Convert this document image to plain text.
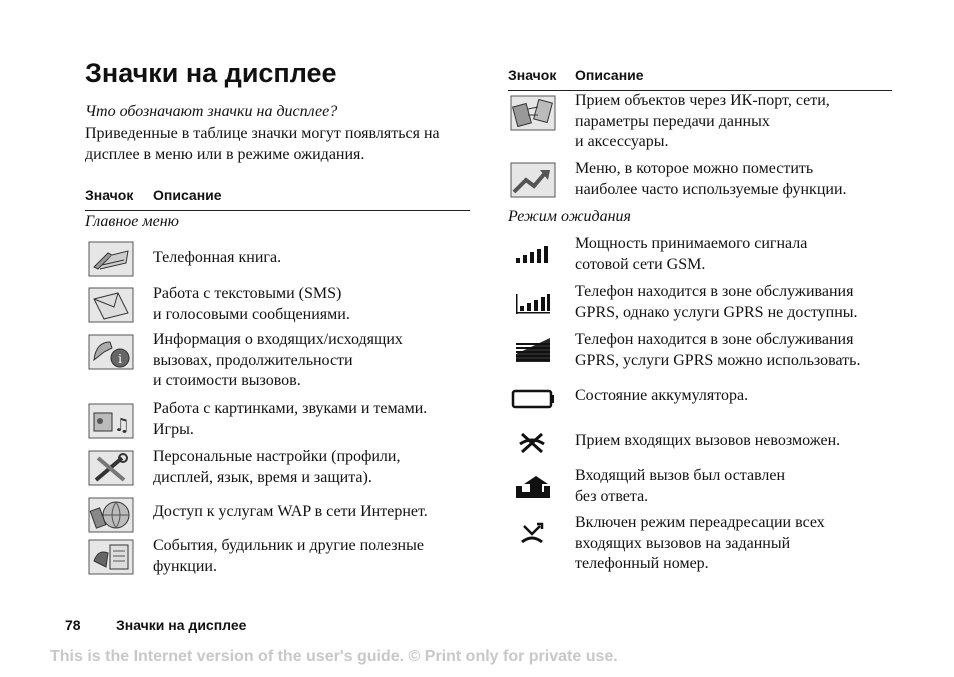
Значки на дисплее
Что обозначают значки на дисплее?
Приведенные в таблице значки могут появляться на дисплее в меню или в режиме ожидания.
Значок Описание
Главное меню
Телефонная книга.
Работа с текстовыми (SMS)
и голосовыми сообщениями.
i
Информация о входящих/исходящих
вызовах, продолжительности
и стоимости вызовов.
♫
Работа с картинками, звуками и темами.
Игры.
Персональные настройки (профили,
дисплей, язык, время и защита).
Доступ к услугам WAP в сети Интернет.
События, будильник и другие полезные
функции.
Значок Описание
Прием объектов через ИК-порт, сети,
параметры передачи данных
и аксессуары.
Меню, в которое можно поместить
наиболее часто используемые функции.
Режим ожидания
Мощность принимаемого сигнала
сотовой сети GSM.
Телефон находится в зоне обслуживания
GPRS, однако услуги GPRS не доступны.
Телефон находится в зоне обслуживания
GPRS, услуги GPRS можно использовать.
Состояние аккумулятора.
Прием входящих вызовов невозможен.
Входящий вызов был оставлен
без ответа.
Включен режим переадресации всех
входящих вызовов на заданный
телефонный номер.
78	Значки на дисплее
This is the Internet version of the user's guide. © Print only for private use.
